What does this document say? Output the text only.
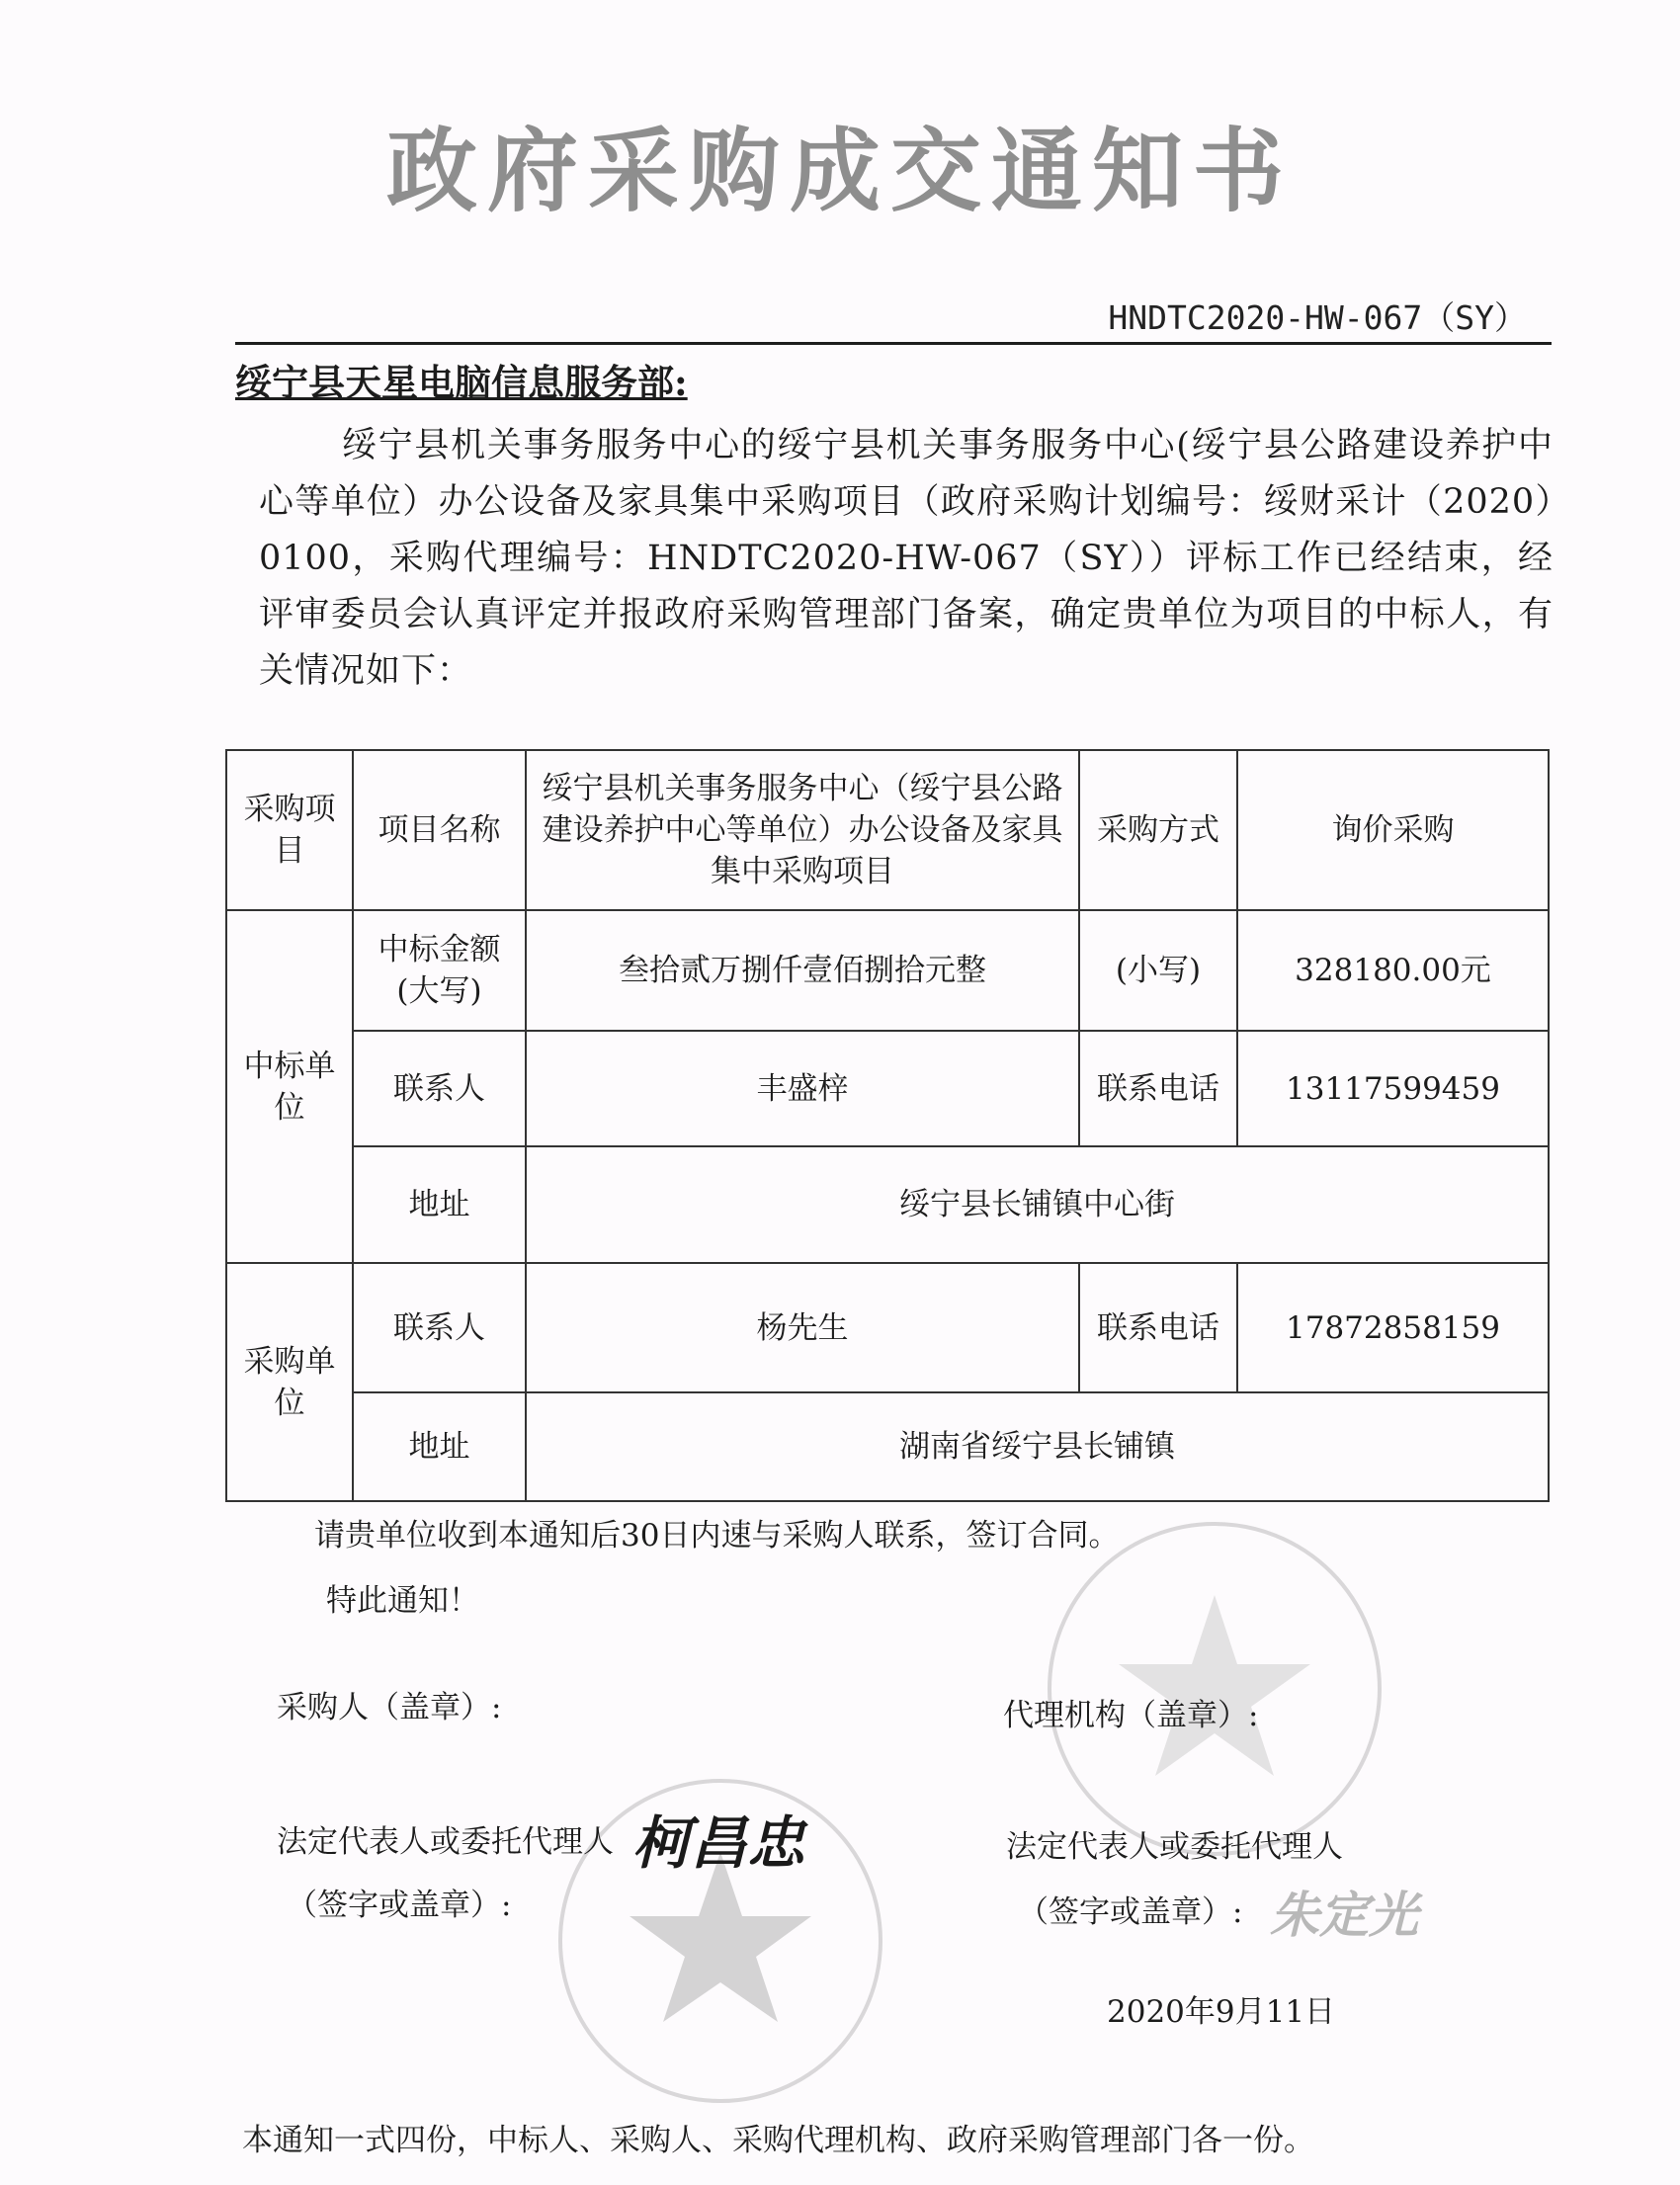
政府采购成交通知书
HNDTC2020-HW-067（SY）
绥宁县天星电脑信息服务部:
绥宁县机关事务服务中心的绥宁县机关事务服务中心(绥宁县公路建设养护中心等单位）办公设备及家具集中采购项目（政府采购计划编号：绥财采计（2020）0100，采购代理编号：HNDTC2020-HW-067（SY））评标工作已经结束，经评审委员会认真评定并报政府采购管理部门备案，确定贵单位为项目的中标人，有关情况如下：
采购项目	项目名称	绥宁县机关事务服务中心（绥宁县公路建设养护中心等单位）办公设备及家具集中采购项目	采购方式	询价采购
中标单位	中标金额(大写)	叁拾贰万捌仟壹佰捌拾元整	(小写)	328180.00元
	联系人	丰盛梓	联系电话	13117599459
	地址	绥宁县长铺镇中心街		
采购单位	联系人	杨先生	联系电话	17872858159
	地址	湖南省绥宁县长铺镇		
请贵单位收到本通知后30日内速与采购人联系，签订合同。
特此通知！
采购人（盖章）:	代理机构（盖章）:
法定代表人或委托代理人
（签字或盖章）:
法定代表人或委托代理人
（签字或盖章）:
柯昌忠
朱定光
2020年9月11日
本通知一式四份，中标人、采购人、采购代理机构、政府采购管理部门各一份。
